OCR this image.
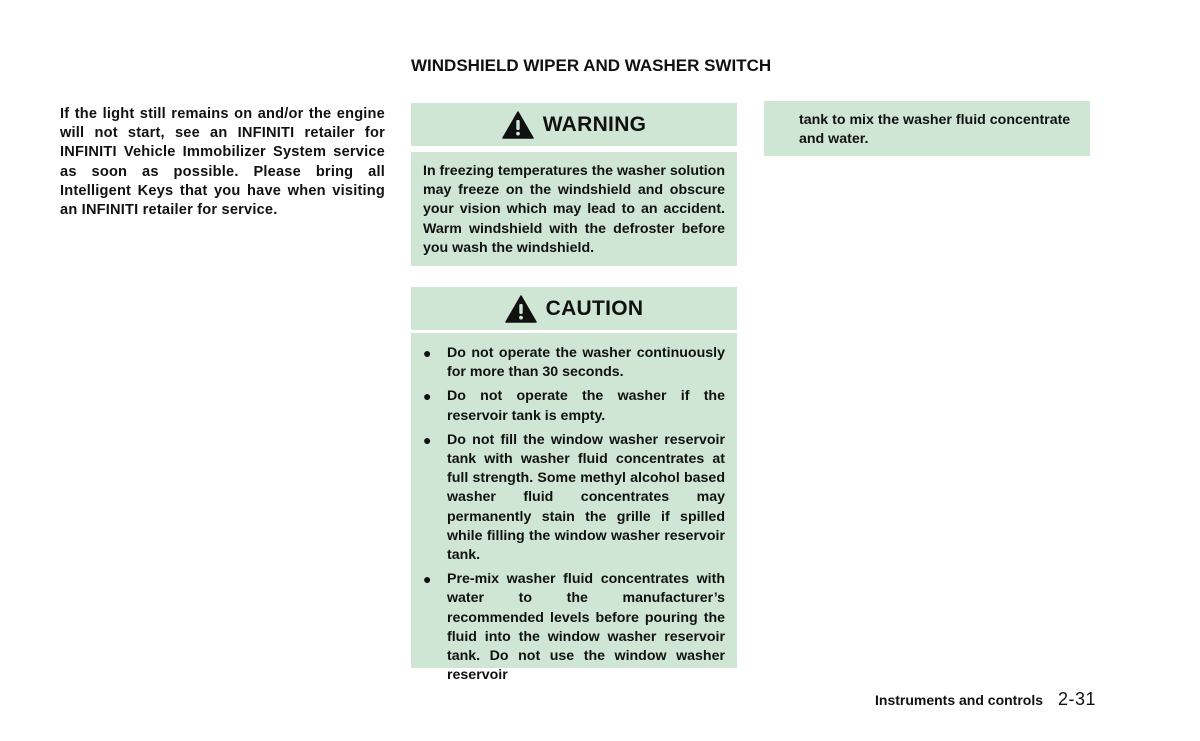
WINDSHIELD WIPER AND WASHER SWITCH
If the light still remains on and/or the engine will not start, see an INFINITI retailer for INFINITI Vehicle Immobilizer System service as soon as possible. Please bring all Intelligent Keys that you have when visiting an INFINITI retailer for service.
WARNING
In freezing temperatures the washer solution may freeze on the windshield and obscure your vision which may lead to an accident. Warm windshield with the defroster before you wash the windshield.
CAUTION
●	Do not operate the washer continuously for more than 30 seconds.
●	Do not operate the washer if the reservoir tank is empty.
●	Do not fill the window washer reservoir tank with washer fluid concentrates at full strength. Some methyl alcohol based washer fluid concentrates may permanently stain the grille if spilled while filling the window washer reservoir tank.
●	Pre-mix washer fluid concentrates with water to the manufacturer’s recommended levels before pouring the fluid into the window washer reservoir tank. Do not use the window washer reservoir
tank to mix the washer fluid concentrate and water.
Instruments and controls 2-31
